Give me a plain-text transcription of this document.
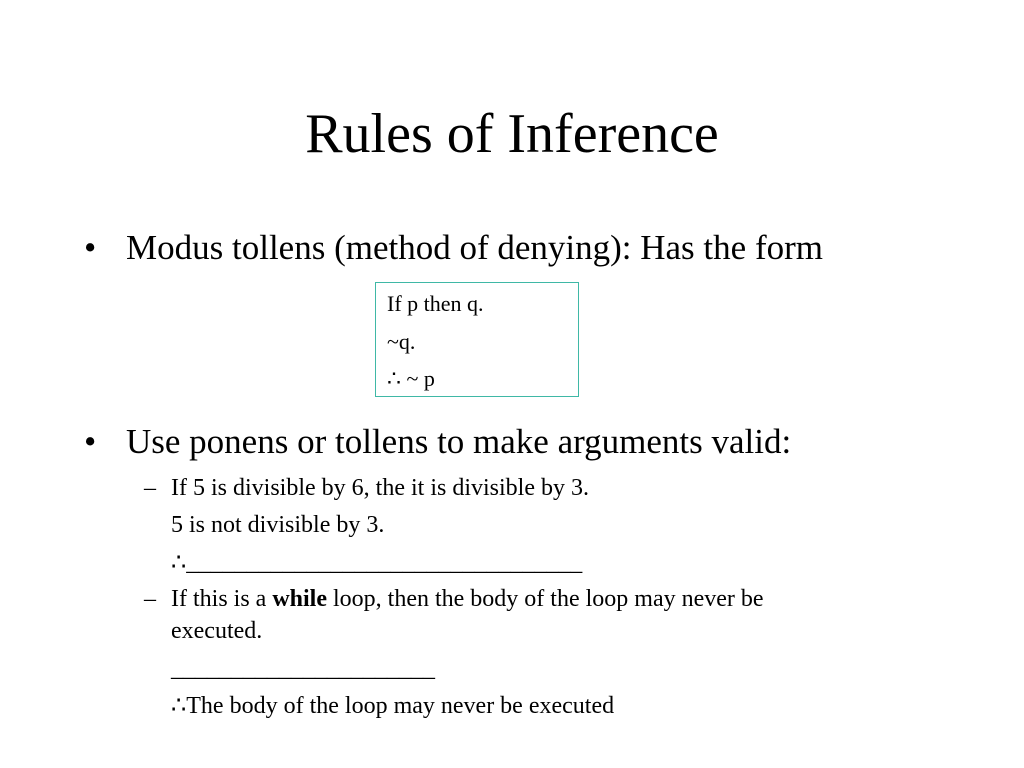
Rules of Inference
• Modus tollens (method of denying): Has the form
If p then q.
~q.
∴ ~ p
• Use ponens or tollens to make arguments valid:
– If 5 is divisible by 6, the it is divisible by 3.
5 is not divisible by 3.
∴_________________________________
– If this is a while loop, then the body of the loop may never be
executed.
______________________
∴The body of the loop may never be executed
